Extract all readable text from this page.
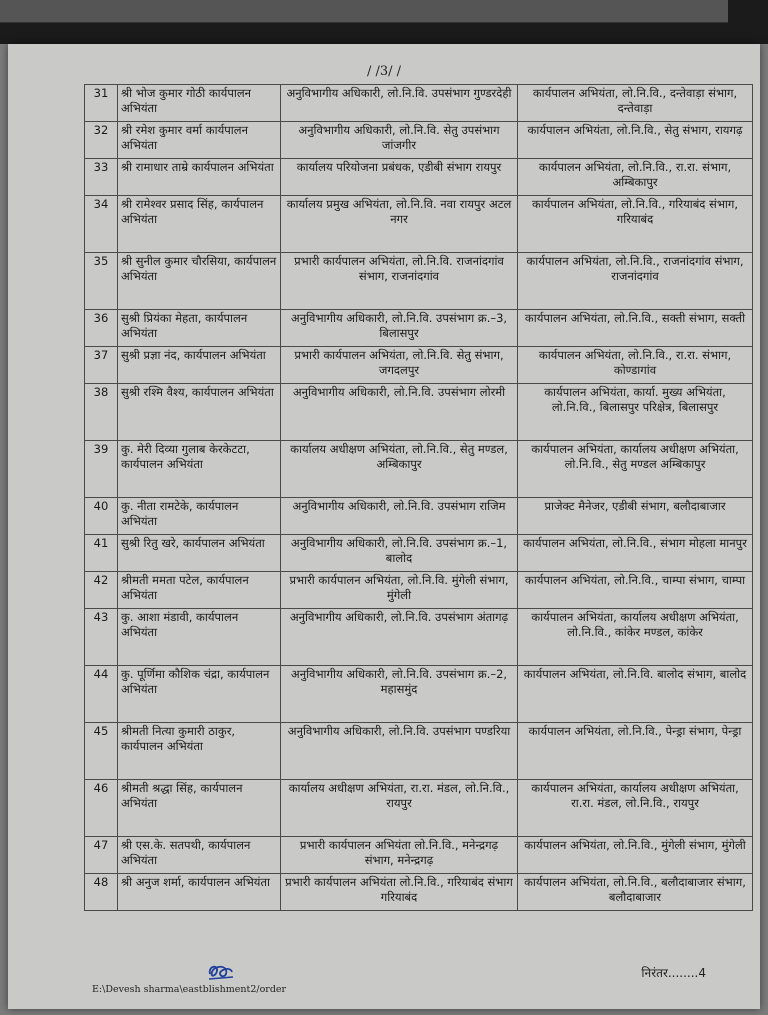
/ /3/ /
31	श्री भोज कुमार गोठी कार्यपालन अभियंता	अनुविभागीय अधिकारी, लो.नि.वि. उपसंभाग गुण्डरदेही	कार्यपालन अभियंता, लो.नि.वि., दन्तेवाड़ा संभाग, दन्तेवाड़ा
32	श्री रमेश कुमार वर्मा कार्यपालन अभियंता	अनुविभागीय अधिकारी, लो.नि.वि. सेतु उपसंभाग जांजगीर	कार्यपालन अभियंता, लो.नि.वि., सेतु संभाग, रायगढ़
33	श्री रामाधार ताम्रे कार्यपालन अभियंता	कार्यालय परियोजना प्रबंधक, एडीबी संभाग रायपुर	कार्यपालन अभियंता, लो.नि.वि., रा.रा. संभाग, अम्बिकापुर
34	श्री रामेश्वर प्रसाद सिंह, कार्यपालन अभियंता	कार्यालय प्रमुख अभियंता, लो.नि.वि. नवा रायपुर अटल नगर	कार्यपालन अभियंता, लो.नि.वि., गरियाबंद संभाग, गरियाबंद
35	श्री सुनील कुमार चौरसिया, कार्यपालन अभियंता	प्रभारी कार्यपालन अभियंता, लो.नि.वि. राजनांदगांव संभाग, राजनांदगांव	कार्यपालन अभियंता, लो.नि.वि., राजनांदगांव संभाग, राजनांदगांव
36	सुश्री प्रियंका मेहता, कार्यपालन अभियंता	अनुविभागीय अधिकारी, लो.नि.वि. उपसंभाग क्र.–3, बिलासपुर	कार्यपालन अभियंता, लो.नि.वि., सक्ती संभाग, सक्ती
37	सुश्री प्रज्ञा नंद, कार्यपालन अभियंता	प्रभारी कार्यपालन अभियंता, लो.नि.वि. सेतु संभाग, जगदलपुर	कार्यपालन अभियंता, लो.नि.वि., रा.रा. संभाग, कोण्डागांव
38	सुश्री रश्मि वैश्य, कार्यपालन अभियंता	अनुविभागीय अधिकारी, लो.नि.वि. उपसंभाग लोरमी	कार्यपालन अभियंता, कार्या. मुख्य अभियंता, लो.नि.वि., बिलासपुर परिक्षेत्र, बिलासपुर
39	कु. मेरी दिव्या गुलाब केरकेटटा, कार्यपालन अभियंता	कार्यालय अधीक्षण अभियंता, लो.नि.वि., सेतु मण्डल, अम्बिकापुर	कार्यपालन अभियंता, कार्यालय अधीक्षण अभियंता, लो.नि.वि., सेतु मण्डल अम्बिकापुर
40	कु. नीता रामटेके, कार्यपालन अभियंता	अनुविभागीय अधिकारी, लो.नि.वि. उपसंभाग राजिम	प्राजेक्ट मैनेजर, एडीबी संभाग, बलौदाबाजार
41	सुश्री रितु खरे, कार्यपालन अभियंता	अनुविभागीय अधिकारी, लो.नि.वि. उपसंभाग क्र.–1, बालोद	कार्यपालन अभियंता, लो.नि.वि., संभाग मोहला मानपुर
42	श्रीमती ममता पटेल, कार्यपालन अभियंता	प्रभारी कार्यपालन अभियंता, लो.नि.वि. मुंगेली संभाग, मुंगेली	कार्यपालन अभियंता, लो.नि.वि., चाम्पा संभाग, चाम्पा
43	कु. आशा मंडावी, कार्यपालन अभियंता	अनुविभागीय अधिकारी, लो.नि.वि. उपसंभाग अंतागढ़	कार्यपालन अभियंता, कार्यालय अधीक्षण अभियंता, लो.नि.वि., कांकेर मण्डल, कांकेर
44	कु. पूर्णिमा कौशिक चंद्रा, कार्यपालन अभियंता	अनुविभागीय अधिकारी, लो.नि.वि. उपसंभाग क्र.–2, महासमुंद	कार्यपालन अभियंता, लो.नि.वि. बालोद संभाग, बालोद
45	श्रीमती नित्या कुमारी ठाकुर, कार्यपालन अभियंता	अनुविभागीय अधिकारी, लो.नि.वि. उपसंभाग पण्डरिया	कार्यपालन अभियंता, लो.नि.वि., पेन्ड्रा संभाग, पेन्ड्रा
46	श्रीमती श्रद्धा सिंह, कार्यपालन अभियंता	कार्यालय अधीक्षण अभियंता, रा.रा. मंडल, लो.नि.वि., रायपुर	कार्यपालन अभियंता, कार्यालय अधीक्षण अभियंता, रा.रा. मंडल, लो.नि.वि., रायपुर
47	श्री एस.के. सतपथी, कार्यपालन अभियंता	प्रभारी कार्यपालन अभियंता लो.नि.वि., मनेन्द्रगढ़ संभाग, मनेन्द्रगढ़	कार्यपालन अभियंता, लो.नि.वि., मुंगेली संभाग, मुंगेली
48	श्री अनुज शर्मा, कार्यपालन अभियंता	प्रभारी कार्यपालन अभियंता लो.नि.वि., गरियाबंद संभाग गरियाबंद	कार्यपालन अभियंता, लो.नि.वि., बलौदाबाजार संभाग, बलौदाबाजार
निरंतर........4
E:\Devesh sharma\eastblishment2/order
